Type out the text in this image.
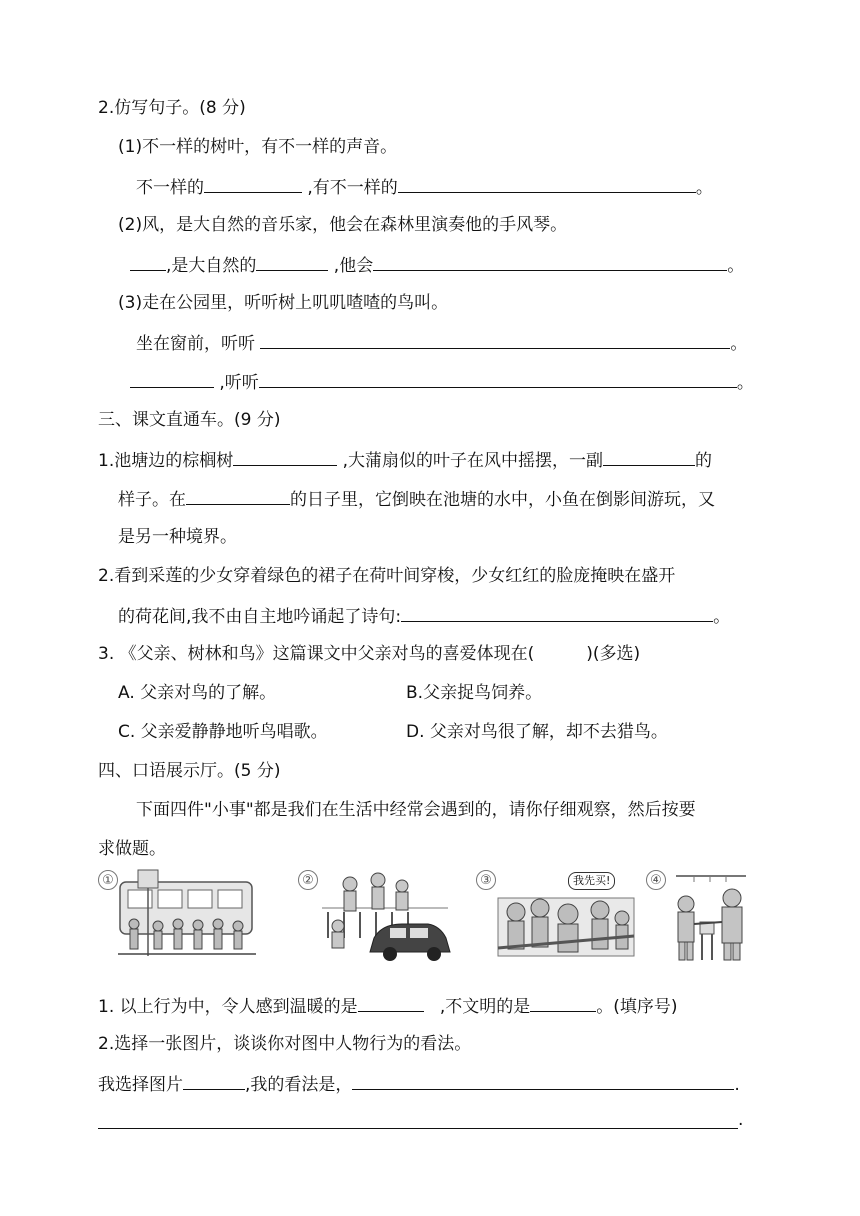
2.仿写句子。(8 分)
(1)不一样的树叶，有不一样的声音。
不一样的	,有不一样的	。
(2)风，是大自然的音乐家，他会在森林里演奏他的手风琴。
,是大自然的	,他会	。
(3)走在公园里，听听树上叽叽喳喳的鸟叫。
坐在窗前，听听	。
,听听	。
三、课文直通车。(9 分)
1.池塘边的棕榈树	,大蒲扇似的叶子在风中摇摆，一副	的
样子。在	的日子里，它倒映在池塘的水中，小鱼在倒影间游玩，又
是另一种境界。
2.看到采莲的少女穿着绿色的裙子在荷叶间穿梭，少女红红的脸庞掩映在盛开
的荷花间,我不由自主地吟诵起了诗句:	。
3. 《父亲、树林和鸟》这篇课文中父亲对鸟的喜爱体现在(	)(多选)
A. 父亲对鸟的了解。	B.父亲捉鸟饲养。
C. 父亲爱静静地听鸟唱歌。	D. 父亲对鸟很了解，却不去猎鸟。
四、口语展示厅。(5 分)
下面四件"小事"都是我们在生活中经常会遇到的，请你仔细观察，然后按要
求做题。
①	②	③	我先买!	④
1. 以上行为中，令人感到温暖的是	,不文明的是	。(填序号)
2.选择一张图片，谈谈你对图中人物行为的看法。
我选择图片	,我的看法是，	.
.
